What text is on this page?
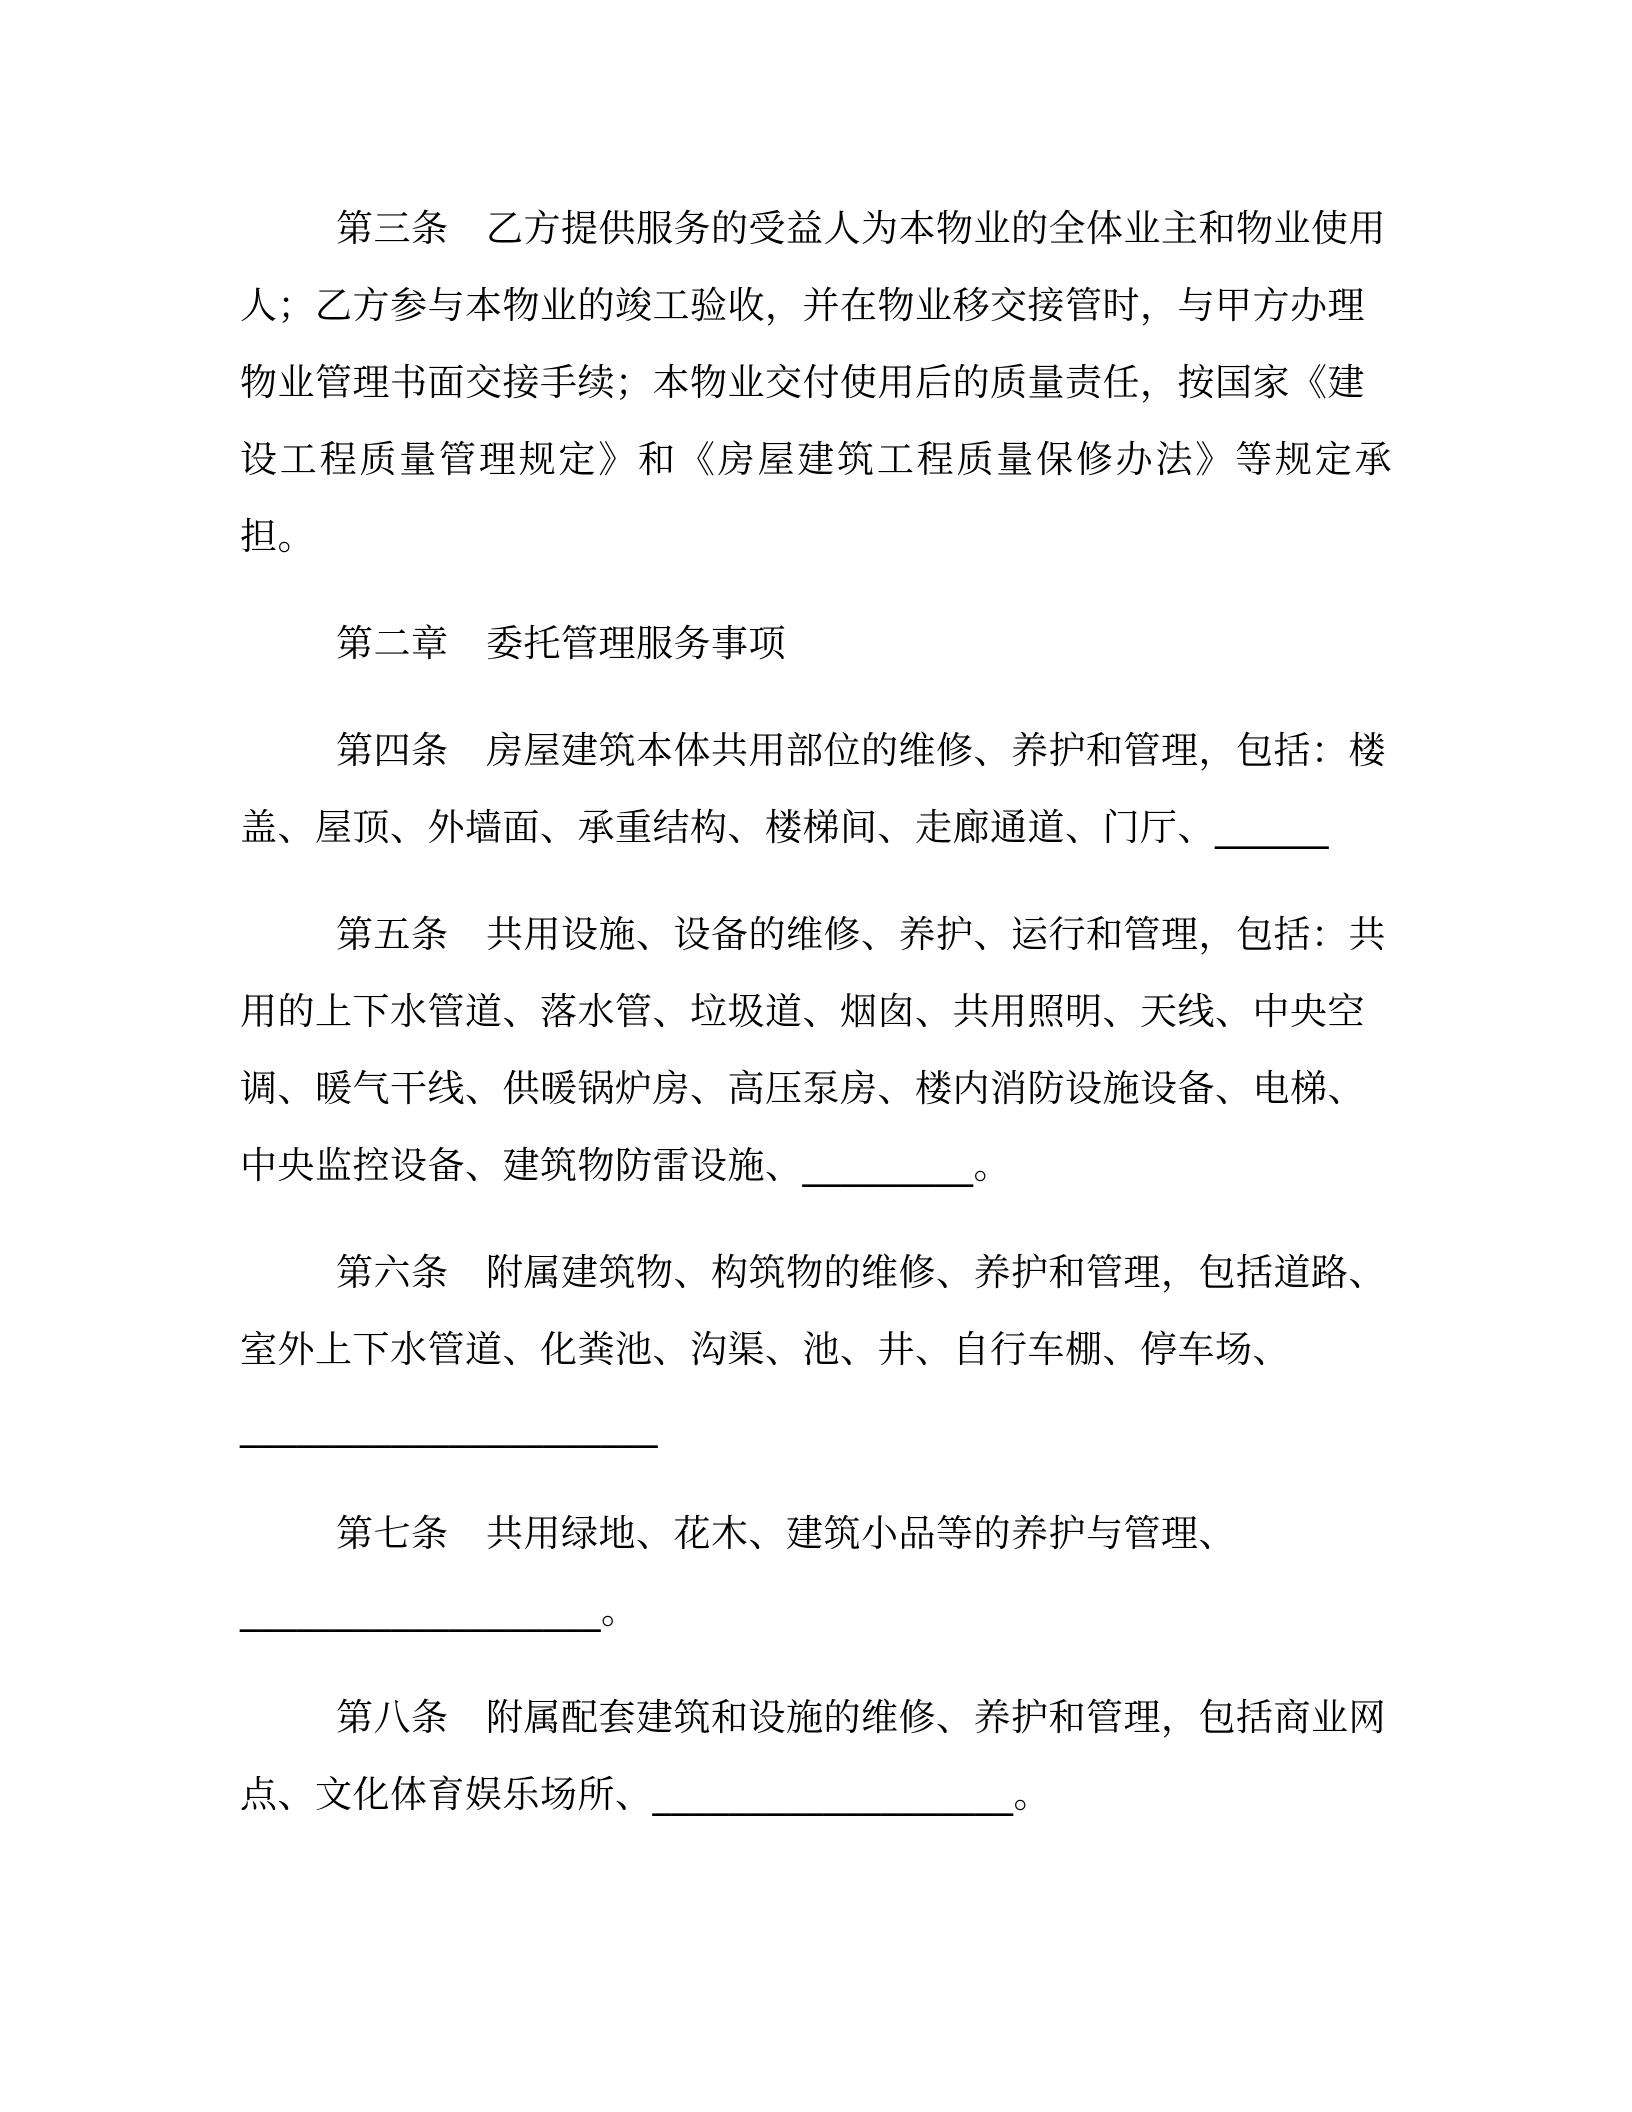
第三条　乙方提供服务的受益人为本物业的全体业主和物业使用
人；乙方参与本物业的竣工验收，并在物业移交接管时，与甲方办理
物业管理书面交接手续；本物业交付使用后的质量责任，按国家《建
设工程质量管理规定》和《房屋建筑工程质量保修办法》等规定承担。

第二章　委托管理服务事项

第四条　房屋建筑本体共用部位的维修、养护和管理，包括：楼
盖、屋顶、外墙面、承重结构、楼梯间、走廊通道、门厅、______

第五条　共用设施、设备的维修、养护、运行和管理，包括：共
用的上下水管道、落水管、垃圾道、烟囱、共用照明、天线、中央空
调、暖气干线、供暖锅炉房、高压泵房、楼内消防设施设备、电梯、
中央监控设备、建筑物防雷设施、_________。

第六条　附属建筑物、构筑物的维修、养护和管理，包括道路、
室外上下水管道、化粪池、沟渠、池、井、自行车棚、停车场、
______________________

第七条　共用绿地、花木、建筑小品等的养护与管理、
___________________。

第八条　附属配套建筑和设施的维修、养护和管理，包括商业网
点、文化体育娱乐场所、___________________。
